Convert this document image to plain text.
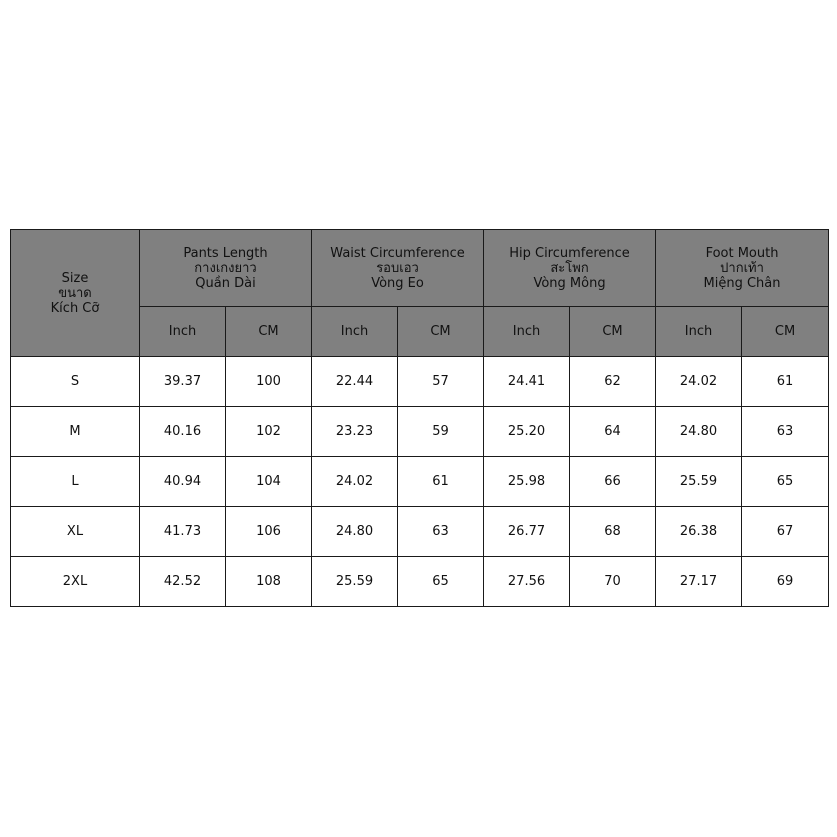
Size
ขนาด
Kích Cỡ	Pants Length
กางเกงยาว
Quần Dài		Waist Circumference
รอบเอว
Vòng Eo		Hip Circumference
สะโพก
Vòng Mông		Foot Mouth
ปากเท้า
Miệng Chân	

	Inch	CM	Inch	CM	Inch	CM	Inch	CM
S	39.37	100	22.44	57	24.41	62	24.02	61
M	40.16	102	23.23	59	25.20	64	24.80	63
L	40.94	104	24.02	61	25.98	66	25.59	65
XL	41.73	106	24.80	63	26.77	68	26.38	67
2XL	42.52	108	25.59	65	27.56	70	27.17	69
